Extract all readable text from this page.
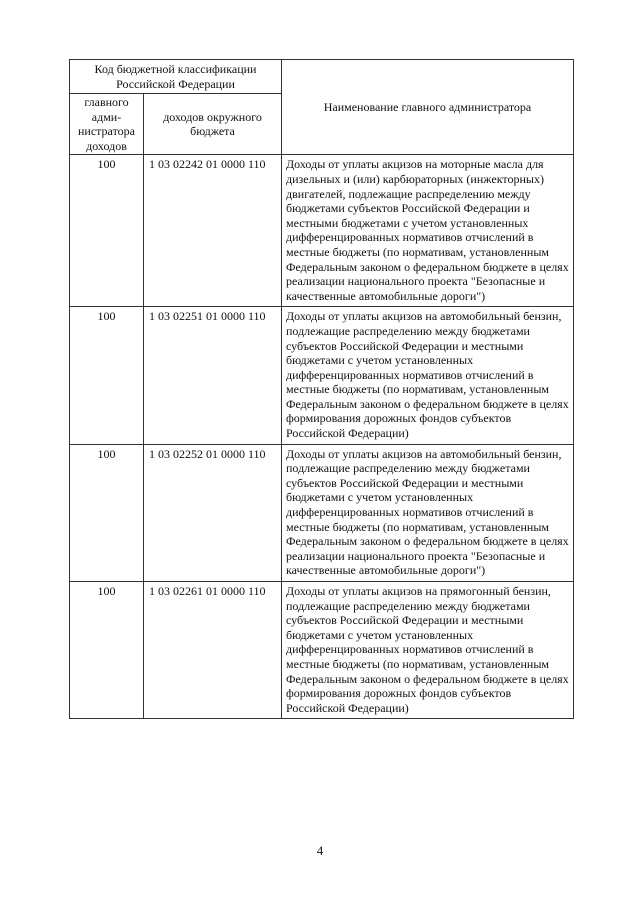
Код бюджетной классификации Российской Федерации		Наименование главного администратора
главного адми-нистратора доходов	доходов окружного бюджета	
100	1 03 02242 01 0000 110	Доходы от уплаты акцизов на моторные масла для дизельных и (или) карбюраторных (инжекторных) двигателей, подлежащие распределению между бюджетами субъектов Российской Федерации и местными бюджетами с учетом установленных дифференцированных нормативов отчислений в местные бюджеты (по нормативам, установленным Федеральным законом о федеральном бюджете в целях реализации национального проекта "Безопасные и качественные автомобильные дороги")
100	1 03 02251 01 0000 110	Доходы от уплаты акцизов на автомобильный бензин, подлежащие распределению между бюджетами субъектов Российской Федерации и местными бюджетами с учетом установленных дифференцированных нормативов отчислений в местные бюджеты (по нормативам, установленным Федеральным законом о федеральном бюджете в целях формирования дорожных фондов субъектов Российской Федерации)
100	1 03 02252 01 0000 110	Доходы от уплаты акцизов на автомобильный бензин, подлежащие распределению между бюджетами субъектов Российской Федерации и местными бюджетами с учетом установленных дифференцированных нормативов отчислений в местные бюджеты (по нормативам, установленным Федеральным законом о федеральном бюджете в целях реализации национального проекта "Безопасные и качественные автомобильные дороги")
100	1 03 02261 01 0000 110	Доходы от уплаты акцизов на прямогонный бензин, подлежащие распределению между бюджетами субъектов Российской Федерации и местными бюджетами с учетом установленных дифференцированных нормативов отчислений в местные бюджеты (по нормативам, установленным Федеральным законом о федеральном бюджете в целях формирования дорожных фондов субъектов Российской Федерации)
4
